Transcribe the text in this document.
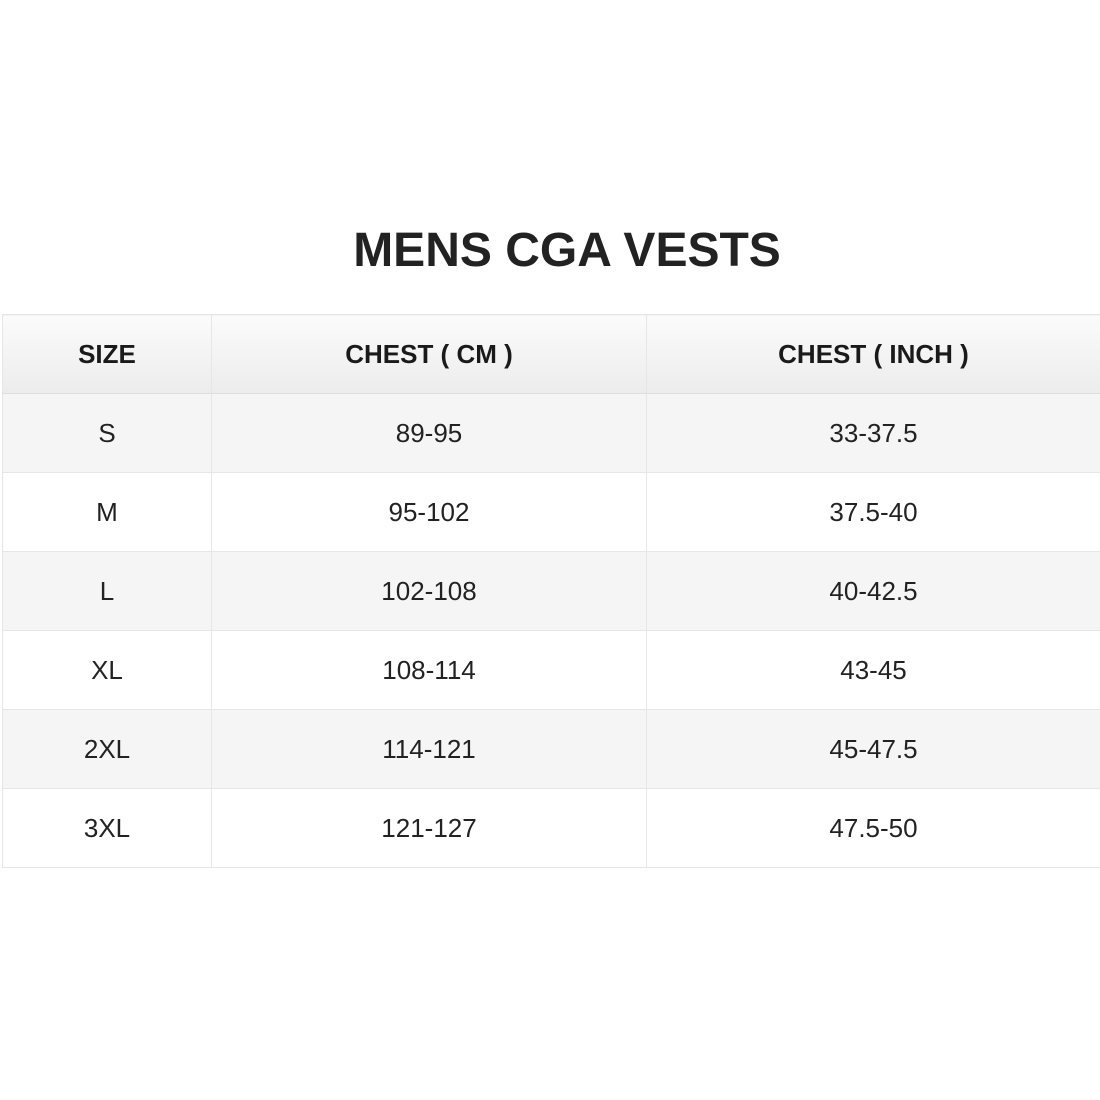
MENS CGA VESTS
SIZE	CHEST ( CM )	CHEST ( INCH )
S	89-95	33-37.5
M	95-102	37.5-40
L	102-108	40-42.5
XL	108-114	43-45
2XL	114-121	45-47.5
3XL	121-127	47.5-50
